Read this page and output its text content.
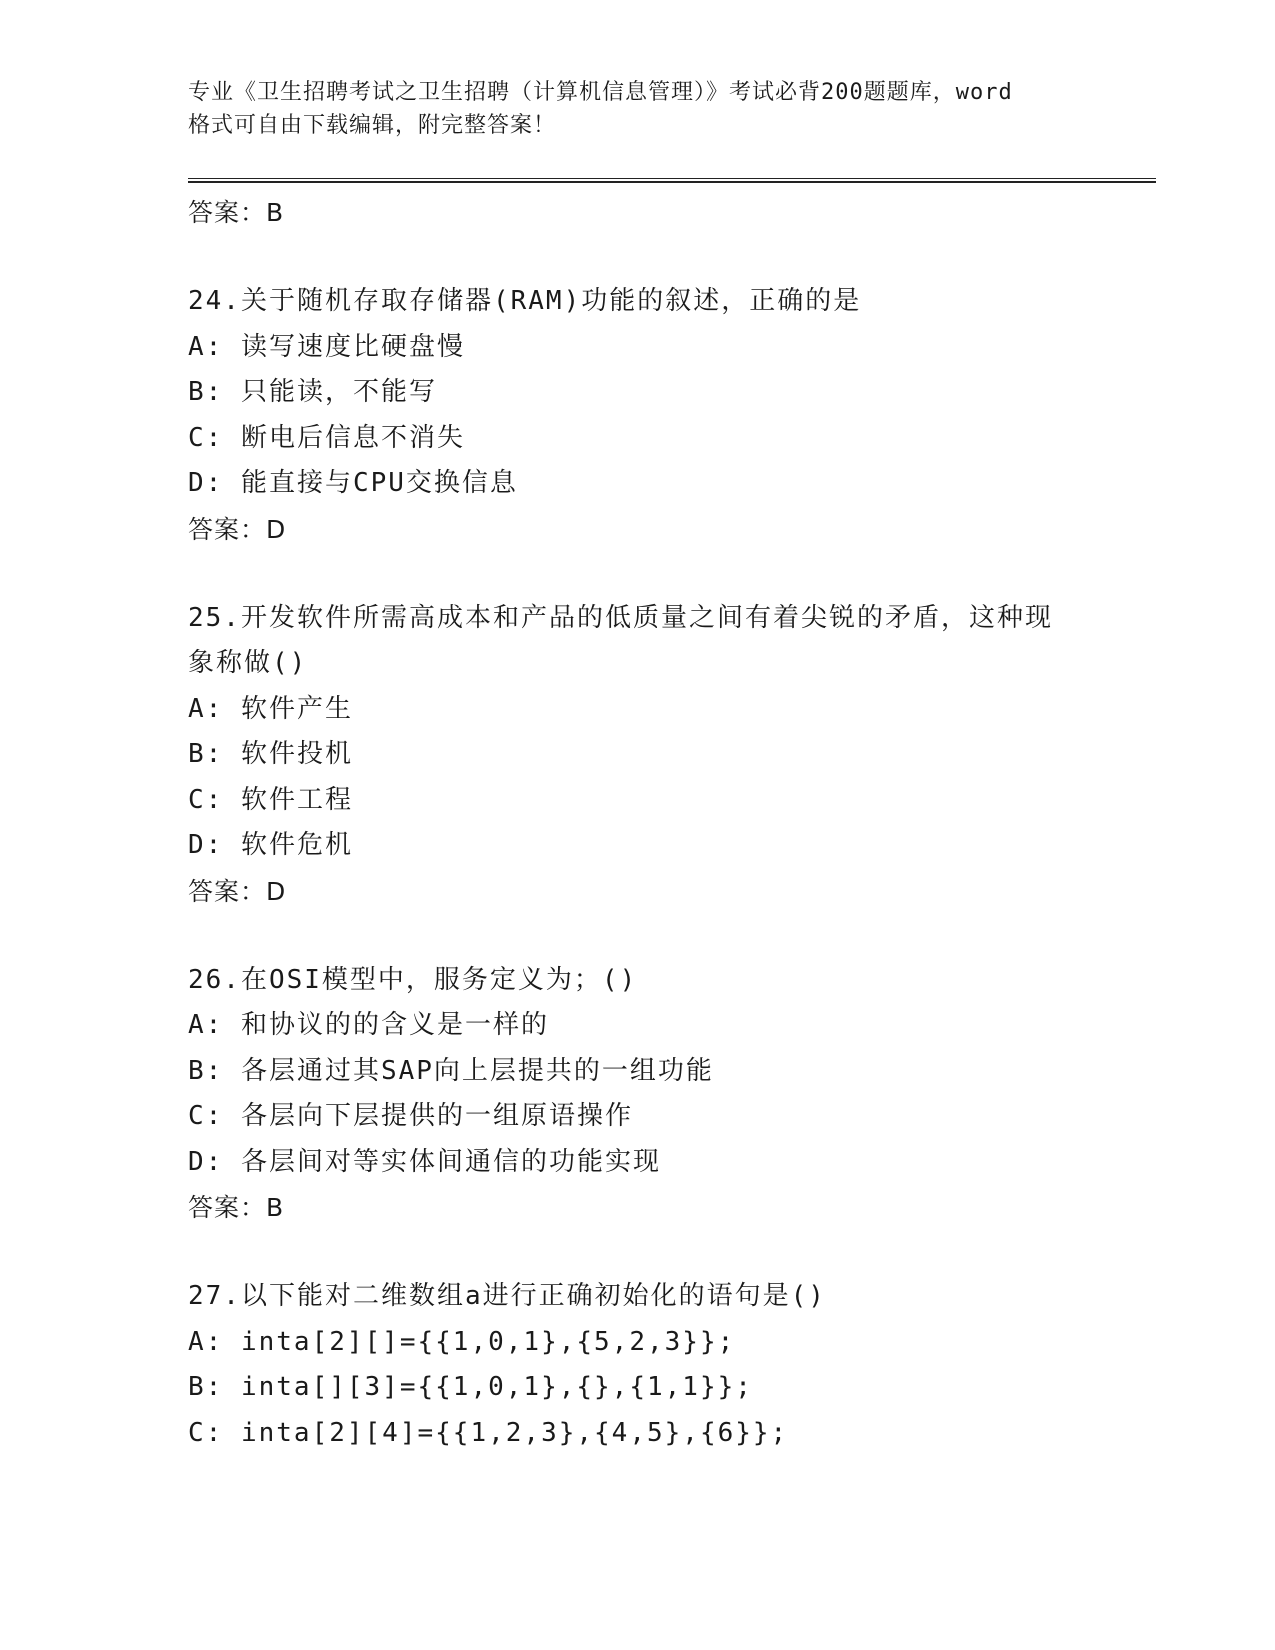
专业《卫生招聘考试之卫生招聘（计算机信息管理）》考试必背200题题库，word
格式可自由下载编辑，附完整答案！
答案：B
24.关于随机存取存储器(RAM)功能的叙述，正确的是
A: 读写速度比硬盘慢
B: 只能读，不能写
C: 断电后信息不消失
D: 能直接与CPU交换信息
答案：D
25.开发软件所需高成本和产品的低质量之间有着尖锐的矛盾，这种现
象称做()
A: 软件产生
B: 软件投机
C: 软件工程
D: 软件危机
答案：D
26.在OSI模型中，服务定义为；()
A: 和协议的的含义是一样的
B: 各层通过其SAP向上层提共的一组功能
C: 各层向下层提供的一组原语操作
D: 各层间对等实体间通信的功能实现
答案：B
27.以下能对二维数组a进行正确初始化的语句是()
A: inta[2][]={{1,0,1},{5,2,3}};
B: inta[][3]={{1,0,1},{},{1,1}};
C: inta[2][4]={{1,2,3},{4,5},{6}};
